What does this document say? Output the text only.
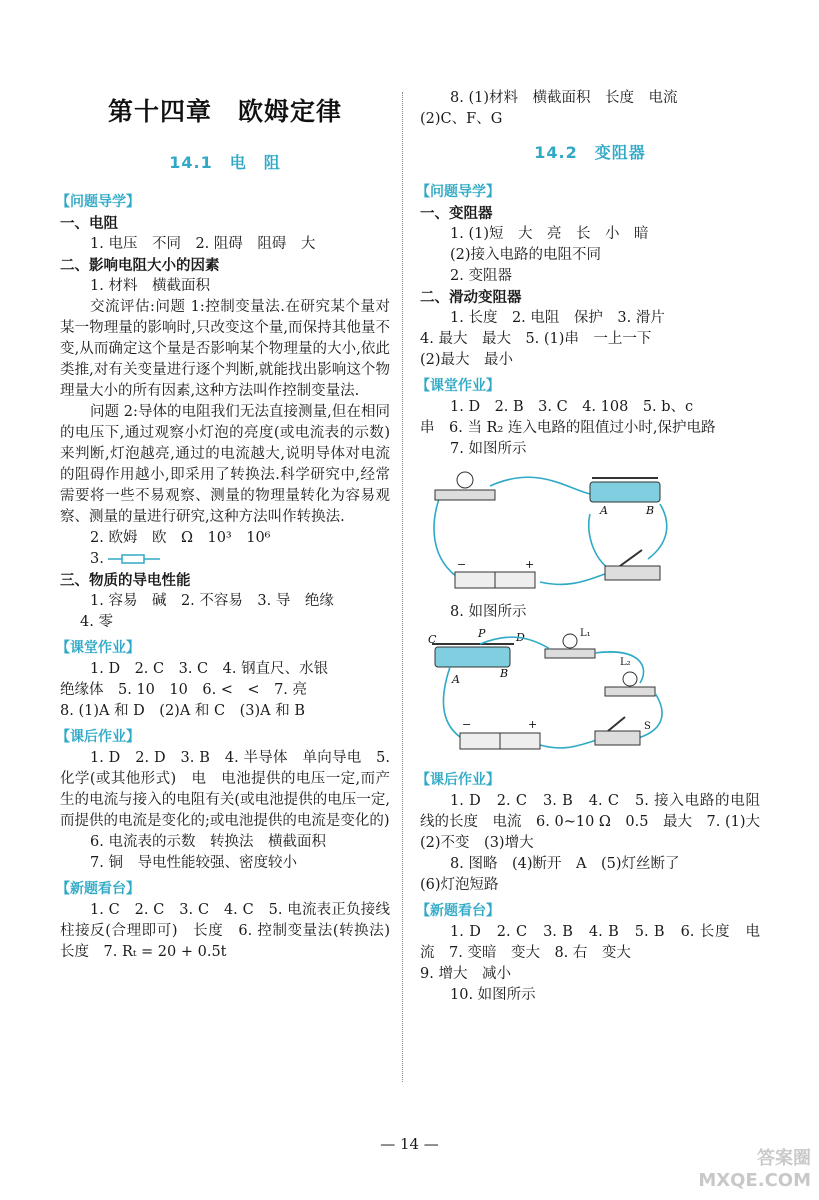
第十四章　欧姆定律
14.1　电　阻
【问题导学】
一、电阻
1. 电压　不同　2. 阻碍　阻碍　大
二、影响电阻大小的因素
1. 材料　横截面积
交流评估:问题 1:控制变量法.在研究某个量对某一物理量的影响时,只改变这个量,而保持其他量不变,从而确定这个量是否影响某个物理量的大小,依此类推,对有关变量进行逐个判断,就能找出影响这个物理量大小的所有因素,这种方法叫作控制变量法.
问题 2:导体的电阻我们无法直接测量,但在相同的电压下,通过观察小灯泡的亮度(或电流表的示数)来判断,灯泡越亮,通过的电流越大,说明导体对电流的阻碍作用越小,即采用了转换法.科学研究中,经常需要将一些不易观察、测量的物理量转化为容易观察、测量的量进行研究,这种方法叫作转换法.
2. 欧姆　欧　Ω　10³　10⁶
3.
三、物质的导电性能
1. 容易　碱　2. 不容易　3. 导　绝缘
4. 零
【课堂作业】
1. D　2. C　3. C　4. 钢直尺、水银
绝缘体　5. 10　10　6. <　<　7. 亮
8. (1)A 和 D　(2)A 和 C　(3)A 和 B
【课后作业】
1. D　2. D　3. B　4. 半导体　单向导电　5. 化学(或其他形式)　电　电池提供的电压一定,而产生的电流与接入的电阻有关(或电池提供的电压一定,而提供的电流是变化的;或电池提供的电流是变化的)
6. 电流表的示数　转换法　横截面积
7. 铜　导电性能较强、密度较小
【新题看台】
1. C　2. C　3. C　4. C　5. 电流表正负接线柱接反(合理即可)　长度　6. 控制变量法(转换法)　长度　7. Rₜ = 20 + 0.5t
8. (1)材料　横截面积　长度　电流
(2)C、F、G
14.2　变阻器
【问题导学】
一、变阻器
1. (1)短　大　亮　长　小　暗
(2)接入电路的电阻不同
2. 变阻器
二、滑动变阻器
1. 长度　2. 电阻　保护　3. 滑片
4. 最大　最大　5. (1)串　一上一下
(2)最大　最小
【课堂作业】
1. D　2. B　3. C　4. 108　5. b、c
串　6. 当 R₂ 连入电路的阻值过小时,保护电路
7. 如图所示
A	B
−	+
8. 如图所示
C	P	D
A	B
L₁
L₂
−	+	S
【课后作业】
1. D　2. C　3. B　4. C　5. 接入电路的电阻线的长度　电流　6. 0~10 Ω　0.5　最大　7. (1)大　(2)不变　(3)增大
8. 图略　(4)断开　A　(5)灯丝断了
(6)灯泡短路
【新题看台】
1. D　2. C　3. B　4. B　5. B　6. 长度　电流　7. 变暗　变大　8. 右　变大
9. 增大　减小
10. 如图所示
— 14 —
答案圈
MXQE.COM
